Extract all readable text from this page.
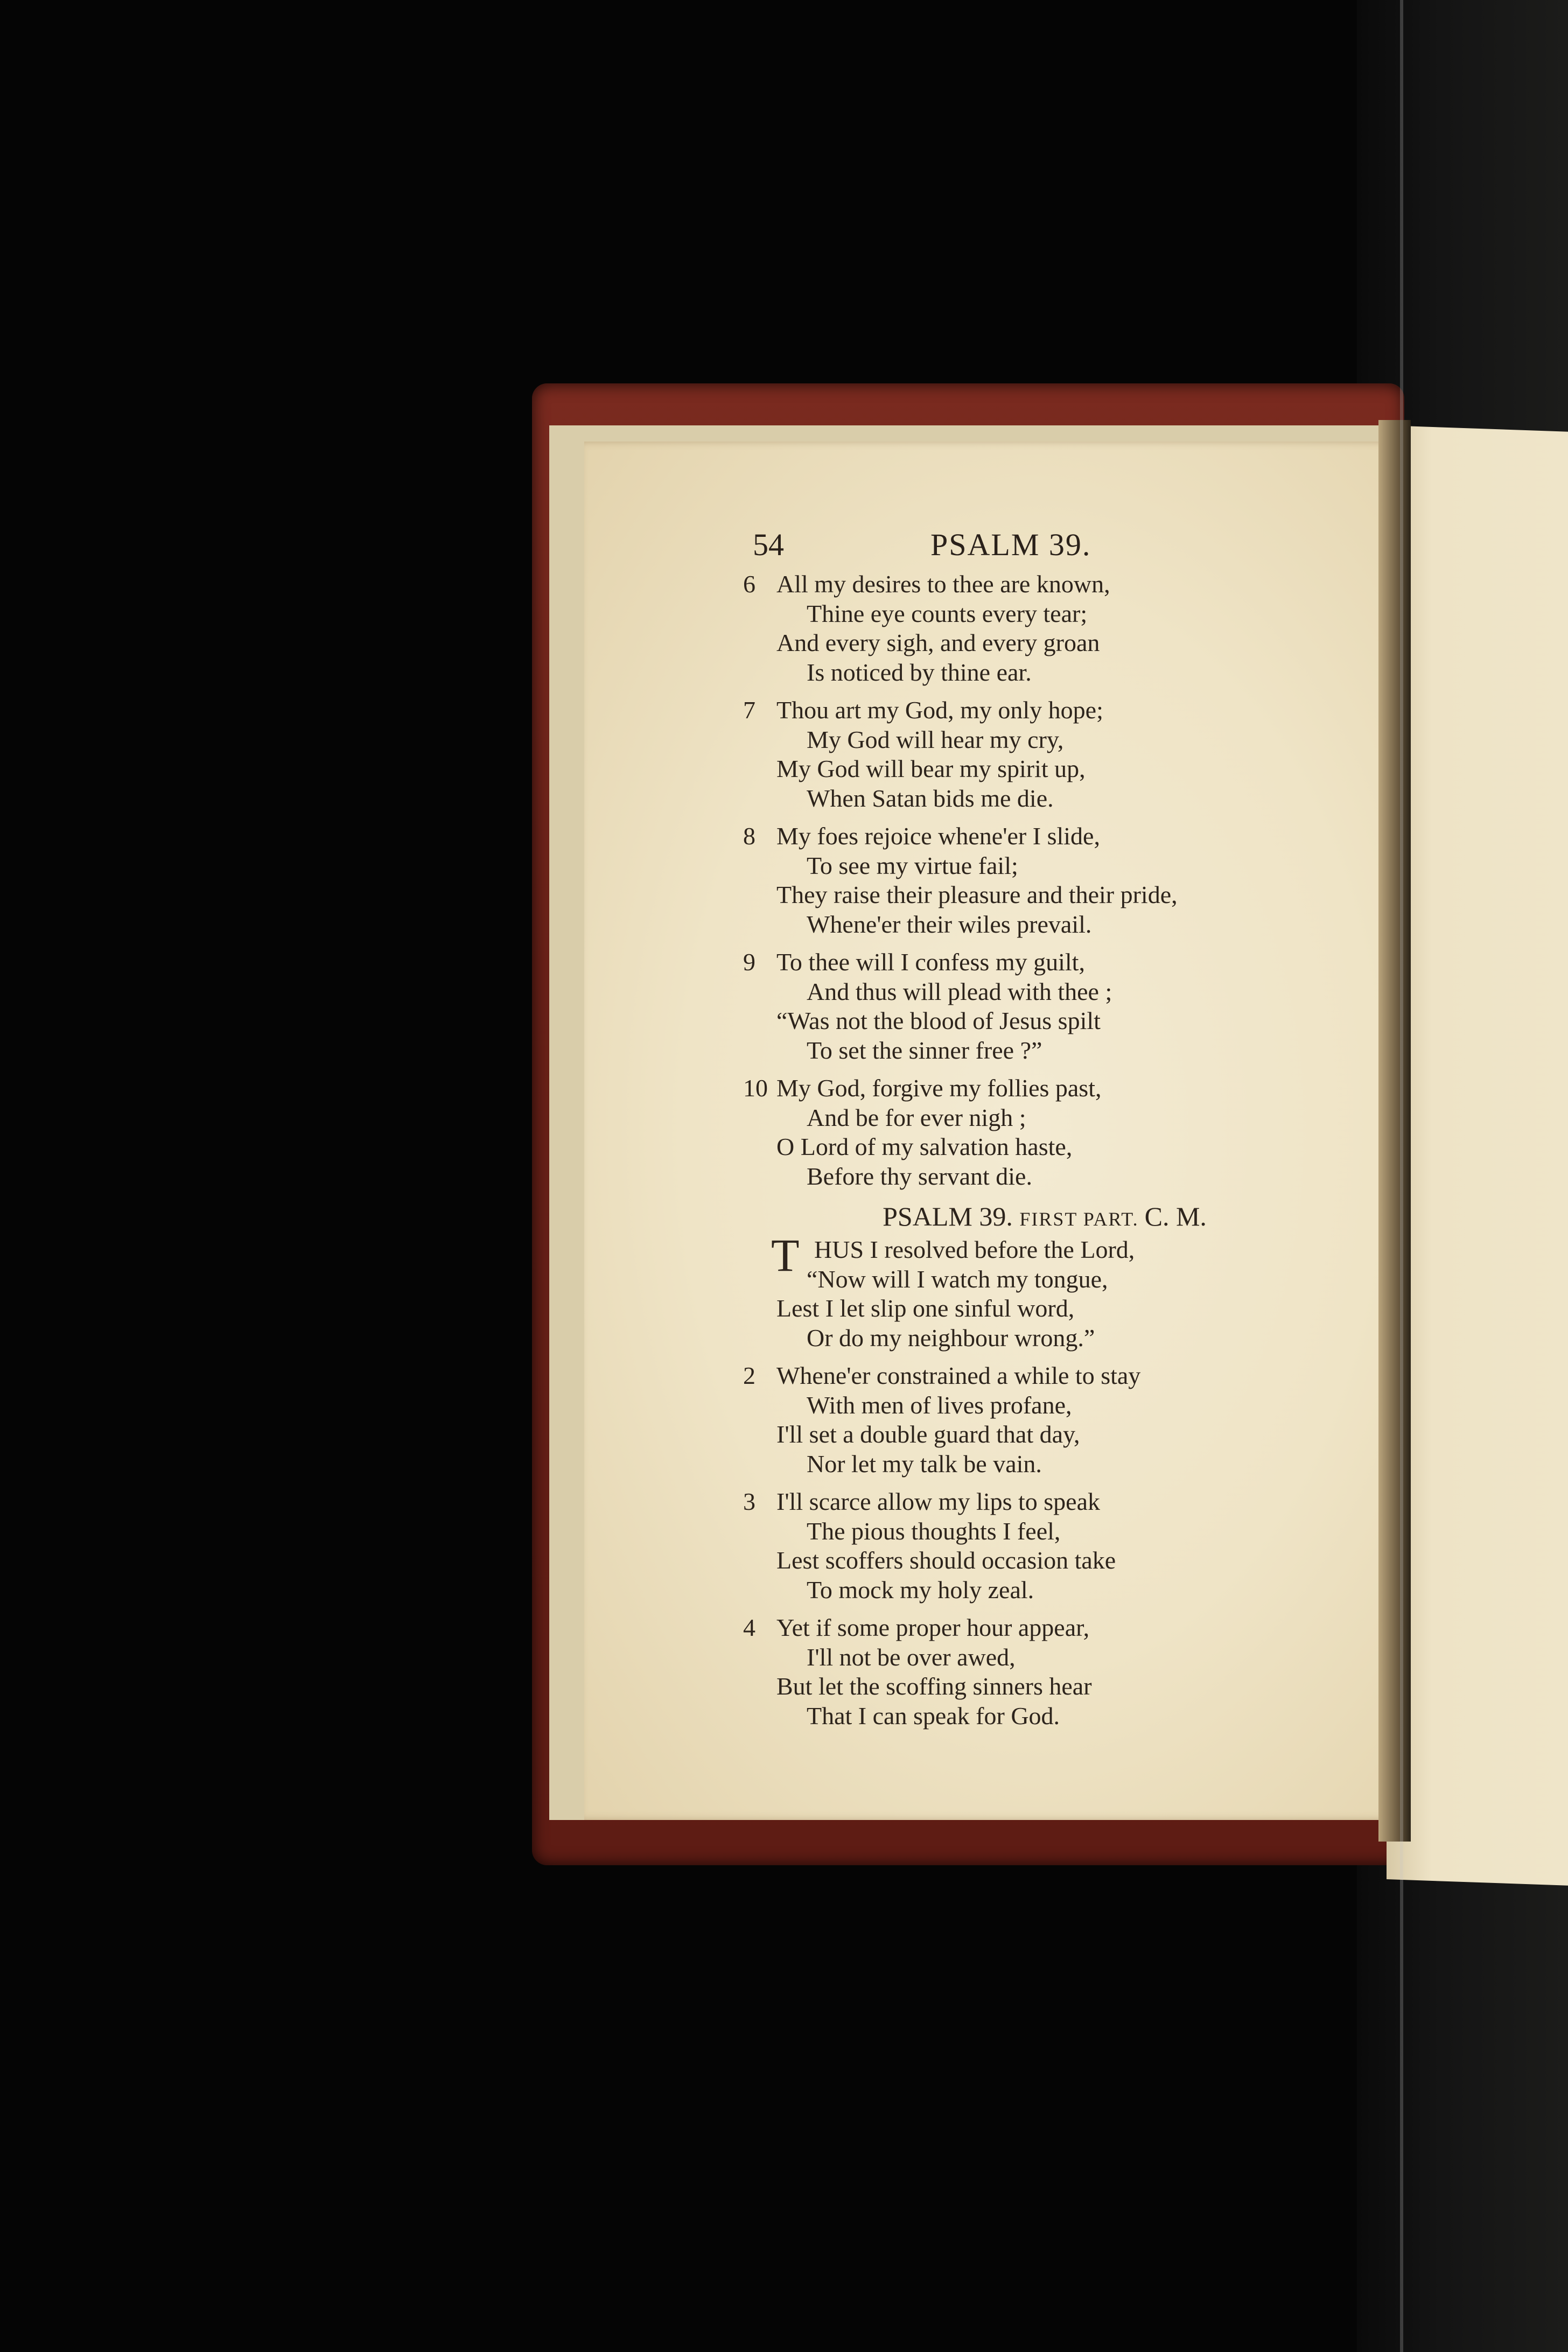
54	PSALM 39.
6 All my desires to thee are known,
Thine eye counts every tear;
And every sigh, and every groan
Is noticed by thine ear.
7 Thou art my God, my only hope;
My God will hear my cry,
My God will bear my spirit up,
When Satan bids me die.
8 My foes rejoice whene'er I slide,
To see my virtue fail;
They raise their pleasure and their pride,
Whene'er their wiles prevail.
9 To thee will I confess my guilt,
And thus will plead with thee ;
“Was not the blood of Jesus spilt
To set the sinner free ?”
10 My God, forgive my follies past,
And be for ever nigh ;
O Lord of my salvation haste,
Before thy servant die.
PSALM 39. FIRST PART. C. M.
T HUS I resolved before the Lord,
“Now will I watch my tongue,
Lest I let slip one sinful word,
Or do my neighbour wrong.”
2 Whene'er constrained a while to stay
With men of lives profane,
I'll set a double guard that day,
Nor let my talk be vain.
3 I'll scarce allow my lips to speak
The pious thoughts I feel,
Lest scoffers should occasion take
To mock my holy zeal.
4 Yet if some proper hour appear,
I'll not be over awed,
But let the scoffing sinners hear
That I can speak for God.
